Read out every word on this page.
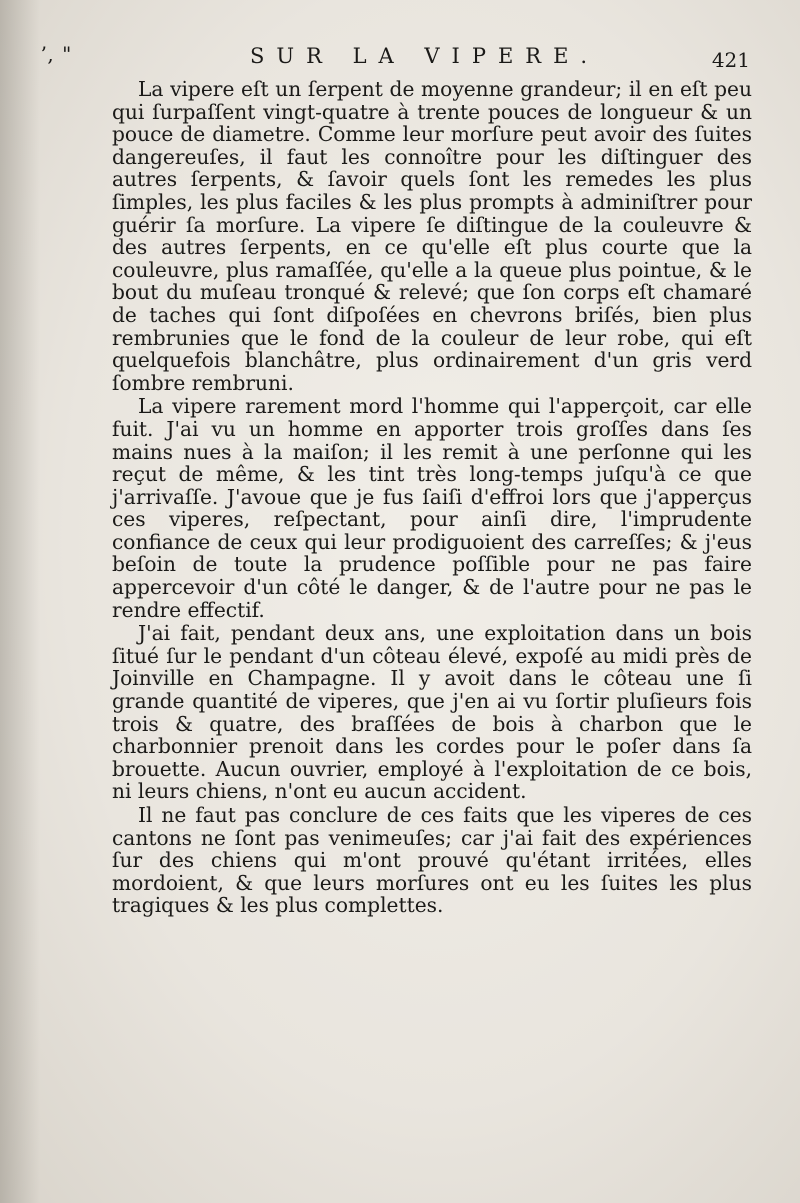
ʼ, "	SUR LA VIPERE.	421

La vipere eſt un ſerpent de moyenne grandeur; il en eſt peu qui ſurpaſſent vingt-quatre à trente pouces de longueur & un pouce de diametre. Comme leur morſure peut avoir des ſuites dangereuſes, il faut les connoître pour les diſtinguer des autres ſerpents, & ſavoir quels ſont les remedes les plus ſimples, les plus faciles & les plus prompts à adminiſtrer pour guérir ſa morſure. La vipere ſe diſtingue de la couleuvre & des autres ſerpents, en ce qu'elle eſt plus courte que la couleuvre, plus ramaſſée, qu'elle a la queue plus pointue, & le bout du muſeau tronqué & relevé; que ſon corps eſt chamaré de taches qui ſont diſpoſées en chevrons briſés, bien plus rembrunies que le fond de la couleur de leur robe, qui eſt quelquefois blanchâtre, plus ordinairement d'un gris verd ſombre rembruni.

La vipere rarement mord l'homme qui l'apperçoit, car elle fuit. J'ai vu un homme en apporter trois groſſes dans ſes mains nues à la maiſon; il les remit à une perſonne qui les reçut de même, & les tint très long-temps juſqu'à ce que j'arrivaſſe. J'avoue que je fus ſaiſi d'effroi lors que j'apperçus ces viperes, reſpectant, pour ainſi dire, l'imprudente confiance de ceux qui leur prodiguoient des carreſſes; & j'eus beſoin de toute la prudence poſſible pour ne pas faire appercevoir d'un côté le danger, & de l'autre pour ne pas le rendre effectif.

J'ai fait, pendant deux ans, une exploitation dans un bois ſitué ſur le pendant d'un côteau élevé, expoſé au midi près de Joinville en Champagne. Il y avoit dans le côteau une ſi grande quantité de viperes, que j'en ai vu ſortir pluſieurs fois trois & quatre, des braſſées de bois à charbon que le charbonnier prenoit dans les cordes pour le poſer dans ſa brouette. Aucun ouvrier, employé à l'exploitation de ce bois, ni leurs chiens, n'ont eu aucun accident.

Il ne faut pas conclure de ces faits que les viperes de ces cantons ne ſont pas venimeuſes; car j'ai fait des expériences ſur des chiens qui m'ont prouvé qu'étant irritées, elles mordoient, & que leurs morſures ont eu les ſuites les plus tragiques & les plus complettes.
